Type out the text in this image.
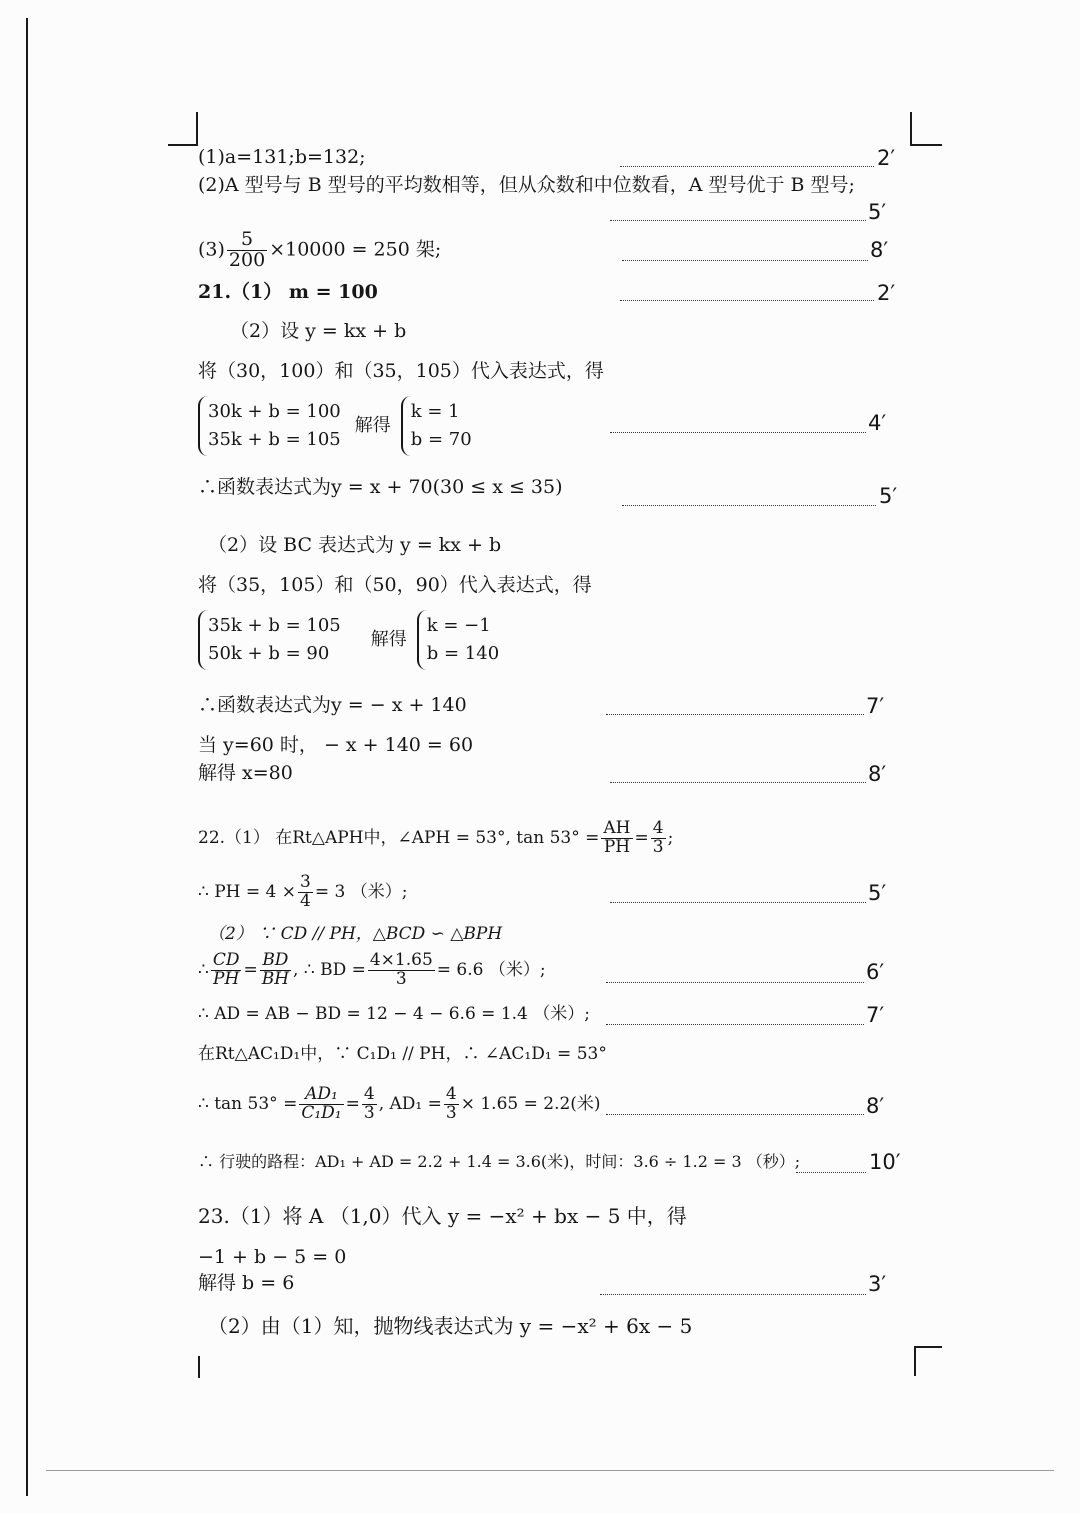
(1)a=131;b=132;	2′
(2)A 型号与 B 型号的平均数相等，但从众数和中位数看，A 型号优于 B 型号;
5′
$(3) \frac{5}{200} \times 10000 = 250$ 架;	8′
21.（1） m = 100	2′
（2）设 y = kx + b
将（30，100）和（35，105）代入表达式，得
30k + b = 100
35k + b = 105
解得
k = 1
b = 70
4′
∴函数表达式为y = x + 70(30 ≤ x ≤ 35)	5′
（2）设 BC 表达式为 y = kx + b
将（35，105）和（50，90）代入表达式，得
35k + b = 105
50k + b = 90
解得
k = −1
b = 140
∴函数表达式为y = − x + 140	7′
当 y=60 时， − x + 140 = 60
解得 x=80	8′
22.（1） 在Rt△APH中，∠APH = 53°, $\tan 53^\circ = \frac{AH}{PH} = \frac{4}{3}$ ;
∴ PH = $4 \times \frac{3}{4} = 3$ （米）;	5′
（2） ∵ CD // PH，△BCD ∽ △BPH
∴ $\frac{CD}{PH} = \frac{BD}{BH}$ , ∴ BD = $\frac{4\times 1.65}{3} = 6.6$ （米）;	6′
∴ AD = AB − BD = 12 − 4 − 6.6 = 1.4 （米）;	7′
在Rt△AC₁D₁中，∵ C₁D₁ // PH，∴ ∠AC₁D₁ = 53°
∴ $\tan 53^\circ = \frac{\text{AD₁}}{\text{C₁D₁}} = \frac{4}{3}$ , $AD_1 = \frac{4}{3} \times 1.65 = 2.2$(米)	8′
∴ 行驶的路程：AD₁ + AD = 2.2 + 1.4 = 3.6(米)，时间：3.6 ÷ 1.2 = 3 （秒）;	10′
23.（1）将 A （1,0）代入 y = −x² + bx − 5 中，得
−1 + b − 5 = 0
解得 b = 6	3′
（2）由（1）知，抛物线表达式为 y = −x² + 6x − 5
